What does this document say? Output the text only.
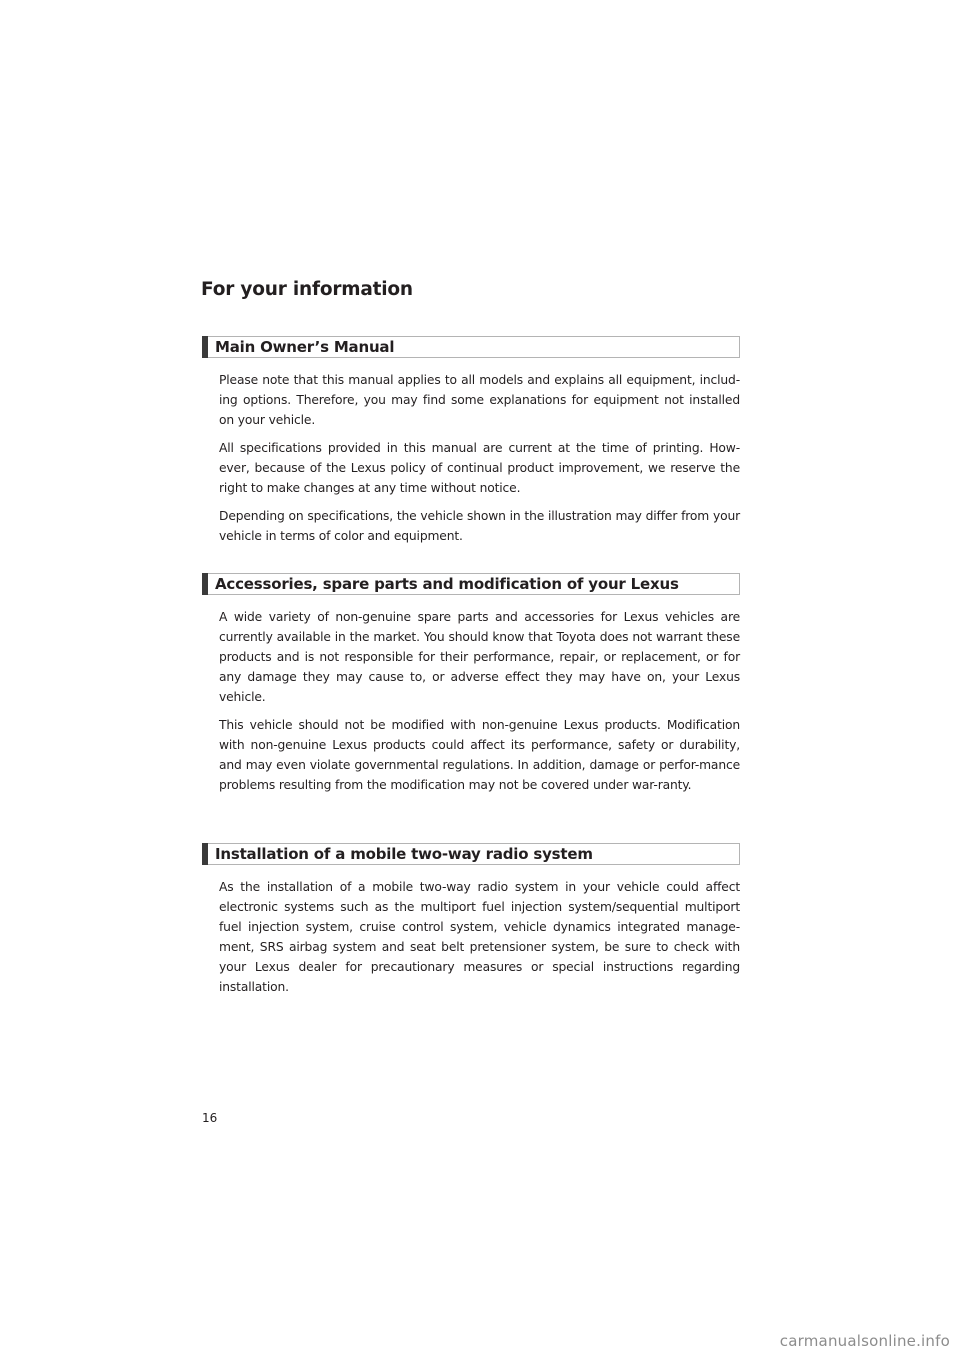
For your information
Main Owner’s Manual

Please note that this manual applies to all models and explains all equipment, includ-ing options. Therefore, you may find some explanations for equipment not installed on your vehicle.

All specifications provided in this manual are current at the time of printing. How-ever, because of the Lexus policy of continual product improvement, we reserve the right to make changes at any time without notice.

Depending on specifications, the vehicle shown in the illustration may differ from your vehicle in terms of color and equipment.

Accessories, spare parts and modification of your Lexus

A wide variety of non-genuine spare parts and accessories for Lexus vehicles are currently available in the market. You should know that Toyota does not warrant these products and is not responsible for their performance, repair, or replacement, or for any damage they may cause to, or adverse effect they may have on, your Lexus vehicle.

This vehicle should not be modified with non-genuine Lexus products. Modification with non-genuine Lexus products could affect its performance, safety or durability, and may even violate governmental regulations. In addition, damage or perfor-mance problems resulting from the modification may not be covered under war-ranty.

Installation of a mobile two-way radio system

As the installation of a mobile two-way radio system in your vehicle could affect electronic systems such as the multiport fuel injection system/sequential multiport fuel injection system, cruise control system, vehicle dynamics integrated manage-ment, SRS airbag system and seat belt pretensioner system, be sure to check with your Lexus dealer for precautionary measures or special instructions regarding installation.

16
carmanualsonline.info
